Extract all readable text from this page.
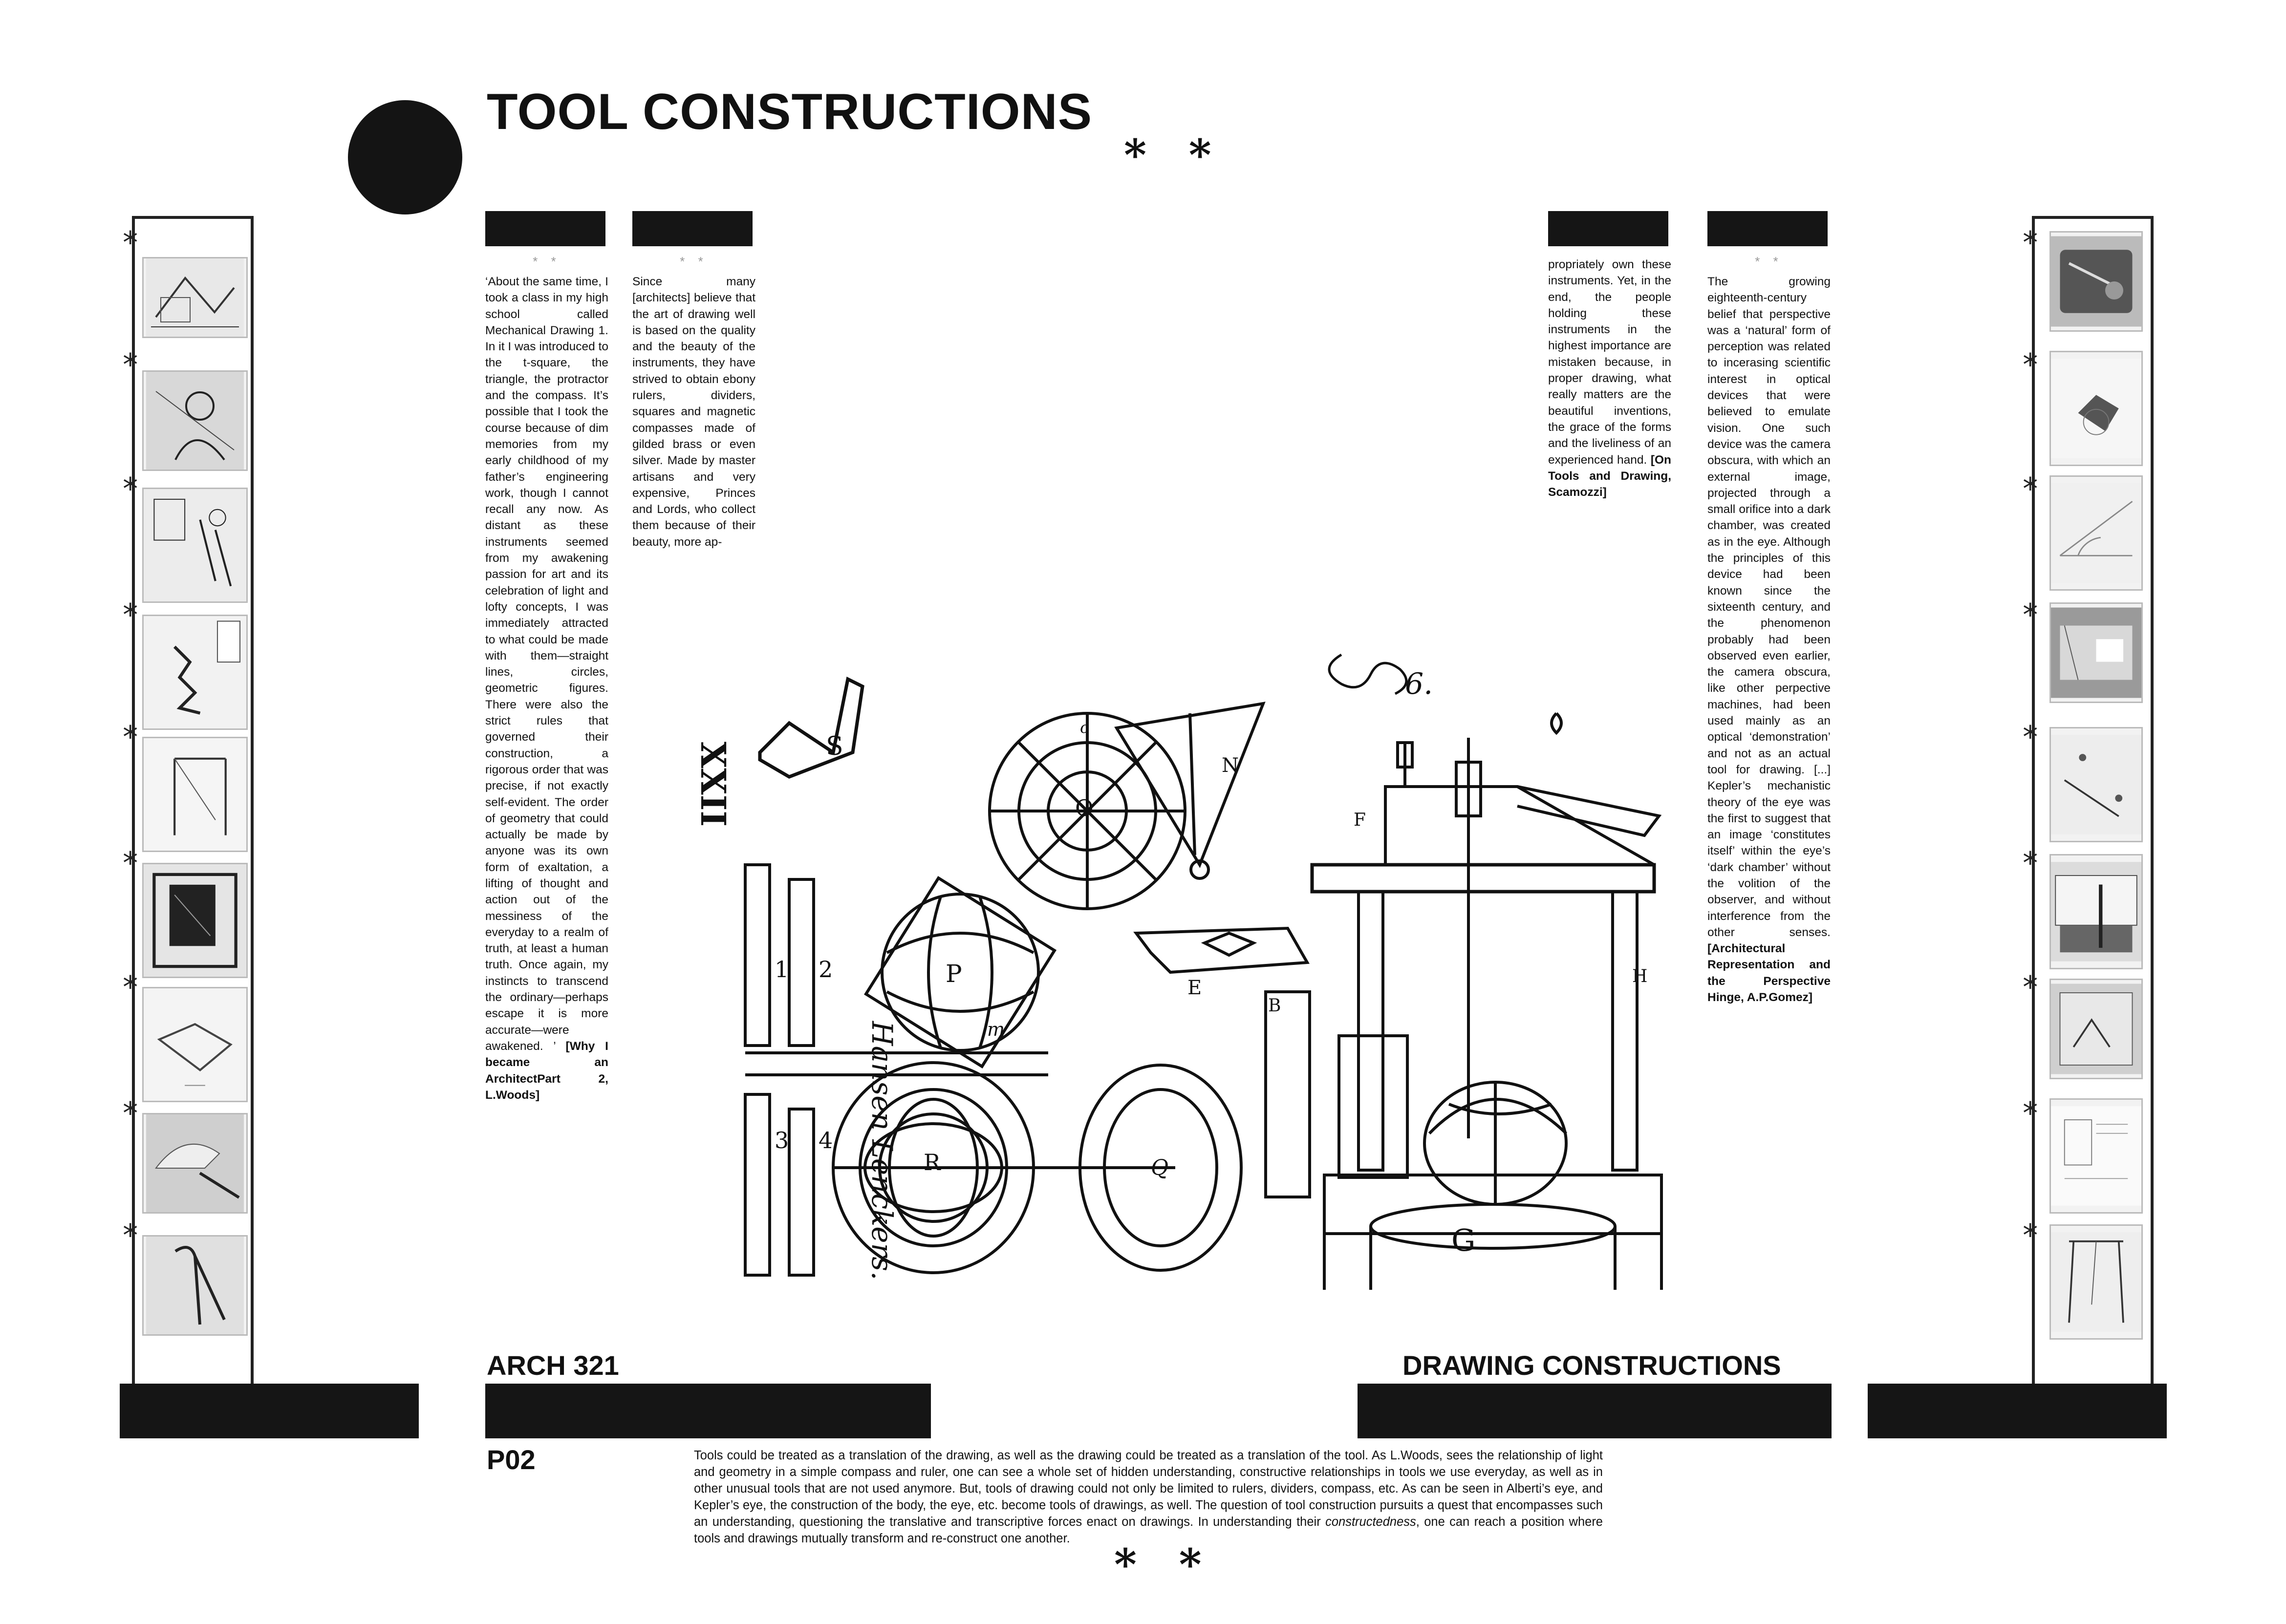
TOOL CONSTRUCTIONS
* *
* *
‘About the same time, I took a class in my high school called Mechanical Drawing 1. In it I was introduced to the t-square, the triangle, the protractor and the compass. It’s possible that I took the course because of dim memories from my early childhood of my father’s engineering work, though I cannot recall any now. As distant as these instruments seemed from my awakening passion for art and its celebration of light and lofty concepts, I was immediately attracted to what could be made with them—straight lines, circles, geometric figures. There were also the strict rules that governed their construction, a rigorous order that was precise, if not exactly self-evident. The order of geometry that could actually be made by anyone was its own form of exaltation, a lifting of thought and action out of the messiness of the everyday to a realm of truth, at least a human truth. Once again, my instincts to transcend the ordinary—perhaps escape it is more accurate—were awakened. ’ [Why I became an ArchitectPart 2, L.Woods]
* *
Since many [architects] believe that the art of drawing well is based on the quality and the beauty of the instruments, they have strived to obtain ebony rulers, dividers, squares and magnetic compasses made of gilded brass or even silver. Made by master artisans and very expensive, Princes and Lords, who collect them because of their beauty, more ap-
propriately own these instruments. Yet, in the end, the people holding these instruments in the highest importance are mistaken because, in proper drawing, what really matters are the beautiful inventions, the grace of the forms and the liveliness of an experienced hand. [On Tools and Drawing, Scamozzi]
* *
The growing eighteenth-century belief that perspective was a ‘natural’ form of perception was related to incerasing scientific interest in optical devices that were believed to emulate vision. One such device was the camera obscura, with which an external image, projected through a small orifice into a dark chamber, was created as in the eye. Although the principles of this device had been known since the sixteenth century, and the phenomenon probably had been observed even earlier, the camera obscura, like other perpective machines, had been used mainly as an optical ‘demonstration’ and not as an actual tool for drawing. [...] Kepler’s mechanistic theory of the eye was the first to suggest that an image ‘constitutes itself’ within the eye’s ‘dark chamber’ without the volition of the observer, and without interference from the other senses. [Architectural Representation and the Perspective Hinge, A.P.Gomez]
*
*
*
*
*
*
*
*
*
*
*
*
*
*
*
*
*
*
XXII
Hansen Lenckers.
6.
S
O
N
P
R	Q
E
F
H
G
B
m
c
1 2
3 4
ARCH 321	DRAWING CONSTRUCTIONS
P02	Tools could be treated as a translation of the drawing, as well as the drawing could be treated as a translation of the tool. As L.Woods, sees the relationship of light and geometry in a simple compass and ruler, one can see a whole set of hidden understanding, constructive relationships in tools we use everyday, as well as in other unusual tools that are not used anymore. But, tools of drawing could not only be limited to rulers, dividers, compass, etc. As can be seen in Alberti’s eye, and Kepler’s eye, the construction of the body, the eye, etc. become tools of drawings, as well. The question of tool construction pursuits a quest that encompasses such an understanding, questioning the translative and transcriptive forces enact on drawings. In understanding their constructedness, one can reach a position where tools and drawings mutually transform and re-construct one another.
* *
